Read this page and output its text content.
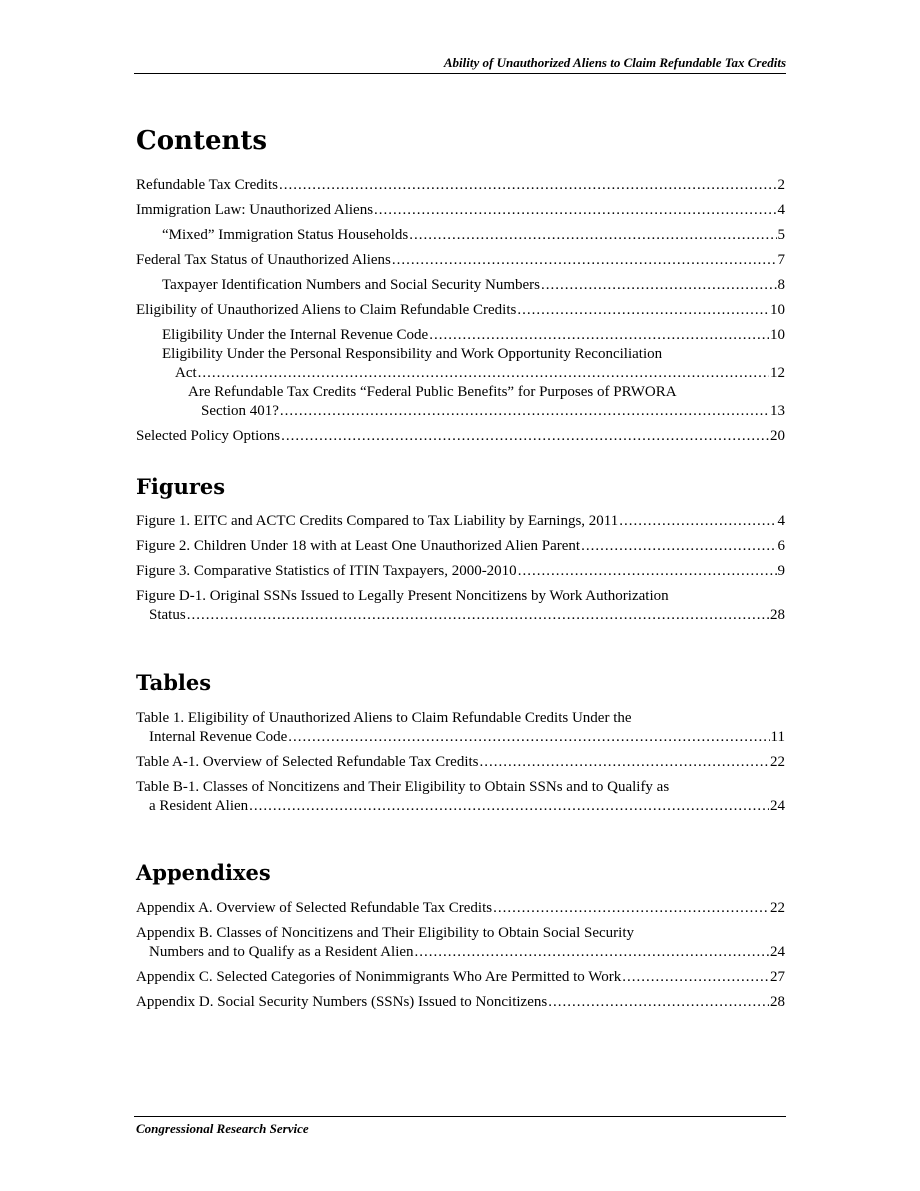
Ability of Unauthorized Aliens to Claim Refundable Tax Credits
Contents
Refundable Tax Credits .....	2
Immigration Law: Unauthorized Aliens .....	4
“Mixed” Immigration Status Households .....	5
Federal Tax Status of Unauthorized Aliens .....	7
Taxpayer Identification Numbers and Social Security Numbers .....	8
Eligibility of Unauthorized Aliens to Claim Refundable Credits .....	10
Eligibility Under the Internal Revenue Code .....	10
Eligibility Under the Personal Responsibility and Work Opportunity Reconciliation
Act .....	12
Are Refundable Tax Credits “Federal Public Benefits” for Purposes of PRWORA
Section 401? .....	13
Selected Policy Options .....	20
Figures
Figure 1. EITC and ACTC Credits Compared to Tax Liability by Earnings, 2011 .....	4
Figure 2. Children Under 18 with at Least One Unauthorized Alien Parent .....	6
Figure 3. Comparative Statistics of ITIN Taxpayers, 2000-2010 .....	9
Figure D-1. Original SSNs Issued to Legally Present Noncitizens by Work Authorization
Status .....	28
Tables
Table 1. Eligibility of Unauthorized Aliens to Claim Refundable Credits Under the
Internal Revenue Code .....	11
Table A-1. Overview of Selected Refundable Tax Credits .....	22
Table B-1. Classes of Noncitizens and Their Eligibility to Obtain SSNs and to Qualify as
a Resident Alien .....	24
Appendixes
Appendix A. Overview of Selected Refundable Tax Credits .....	22
Appendix B. Classes of Noncitizens and Their Eligibility to Obtain Social Security
Numbers and to Qualify as a Resident Alien .....	24
Appendix C. Selected Categories of Nonimmigrants Who Are Permitted to Work .....	27
Appendix D. Social Security Numbers (SSNs) Issued to Noncitizens .....	28
Congressional Research Service
